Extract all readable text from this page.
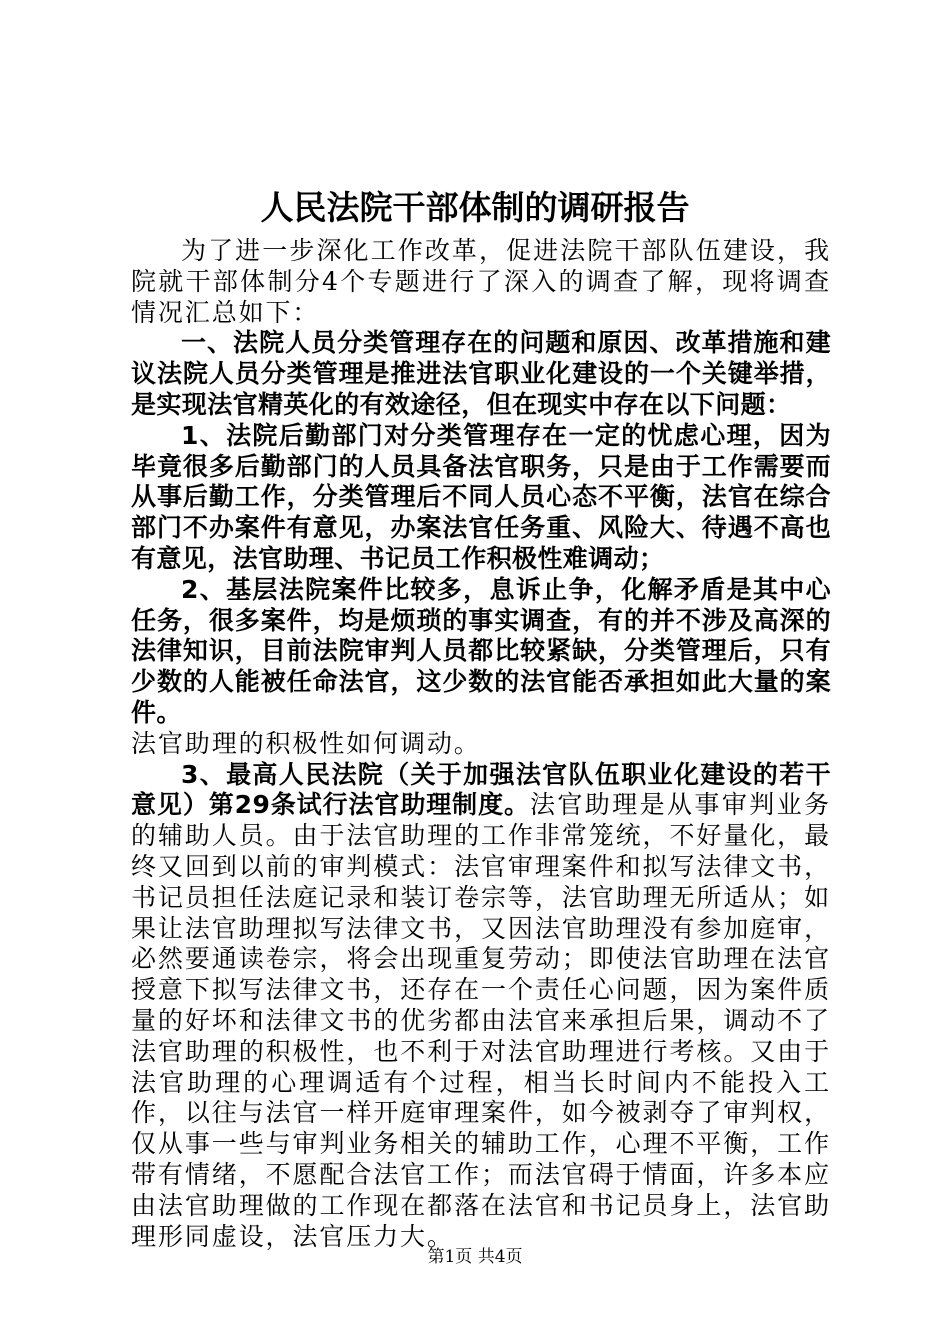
人民法院干部体制的调研报告

为了进一步深化工作改革，促进法院干部队伍建设，我院就干部体制分4个专题进行了深入的调查了解，现将调查情况汇总如下：

一、法院人员分类管理存在的问题和原因、改革措施和建议法院人员分类管理是推进法官职业化建设的一个关键举措，是实现法官精英化的有效途径，但在现实中存在以下问题：

1、法院后勤部门对分类管理存在一定的忧虑心理，因为毕竟很多后勤部门的人员具备法官职务，只是由于工作需要而从事后勤工作，分类管理后不同人员心态不平衡，法官在综合部门不办案件有意见，办案法官任务重、风险大、待遇不高也有意见，法官助理、书记员工作积极性难调动；

2、基层法院案件比较多，息诉止争，化解矛盾是其中心任务，很多案件，均是烦琐的事实调查，有的并不涉及高深的法律知识，目前法院审判人员都比较紧缺，分类管理后，只有少数的人能被任命法官，这少数的法官能否承担如此大量的案件。

法官助理的积极性如何调动。

3、最高人民法院（关于加强法官队伍职业化建设的若干意见）第29条试行法官助理制度。法官助理是从事审判业务的辅助人员。由于法官助理的工作非常笼统，不好量化，最终又回到以前的审判模式：法官审理案件和拟写法律文书，书记员担任法庭记录和装订卷宗等，法官助理无所适从；如果让法官助理拟写法律文书，又因法官助理没有参加庭审，必然要通读卷宗，将会出现重复劳动；即使法官助理在法官授意下拟写法律文书，还存在一个责任心问题，因为案件质量的好坏和法律文书的优劣都由法官来承担后果，调动不了法官助理的积极性，也不利于对法官助理进行考核。又由于法官助理的心理调适有个过程，相当长时间内不能投入工作，以往与法官一样开庭审理案件，如今被剥夺了审判权，仅从事一些与审判业务相关的辅助工作，心理不平衡，工作带有情绪，不愿配合法官工作；而法官碍于情面，许多本应由法官助理做的工作现在都落在法官和书记员身上，法官助理形同虚设，法官压力大。

第1页 共4页
